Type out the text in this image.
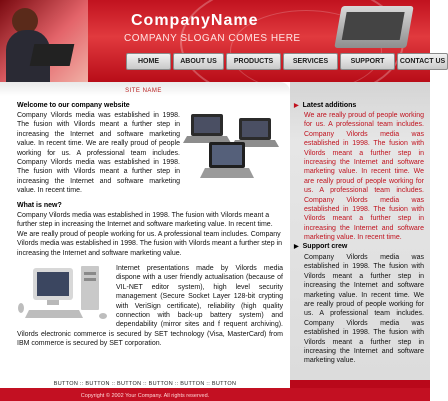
CompanyName
COMPANY SLOGAN COMES HERE
HOME	ABOUT US	PRODUCTS	SERVICES	SUPPORT	CONTACT US
SITE NAME
Welcome to our company website
Company Vilords media was established in 1998. The fusion with Vilords meant a further step in increasing the Internet and software marketing value. In recent time. We are really proud of people working for us. A professional team includes. Company Vilords media was established in 1998. The fusion with Vilords meant a further step in increasing the Internet and software marketing value. In recent time.
What is new?
Company Vilords media was established in 1998. The fusion with Vilords meant a further step in increasing the Internet and software marketing value. In recent time. We are really proud of people working for us. A professional team includes. Company Vilords media was established in 1998. The fusion with Vilords meant a further step in increasing the Internet and software marketing value.
Internet presentations made by Vilords media dispone with a user friendly actualisation (because of VIL-NET editor system), high level security management (Secure Socket Layer 128-bit crypting with VeriSign certificate), reliability (high quality connection with back-up battery system) and dependability (mirror sites and f requent archiving). Vilords electronic commerce is secured by SET technology (Visa, MasterCard) from IBM commerce is secured by SET corporation.
▶ Latest additions
We are really proud of people working for us. A professional team includes. Company Vilords media was established in 1998. The fusion with Vilords meant a further step in increasing the Internet and software marketing value. In recent time. We are really proud of people working for us. A professional team includes. Company Vilords media was established in 1998. The fusion with Vilords meant a further step in increasing the Internet and software marketing value. In recent time.
▶ Support crew
Company Vilords media was established in 1998. The fusion with Vilords meant a further step in increasing the Internet and software marketing value. In recent time. We are really proud of people working for us. A professional team includes. Company Vilords media was established in 1998. The fusion with Vilords meant a further step in increasing the Internet and software marketing value.
BUTTON :: BUTTON :: BUTTON :: BUTTON :: BUTTON :: BUTTON
Copyright © 2002 Your Company. All rights reserved.
